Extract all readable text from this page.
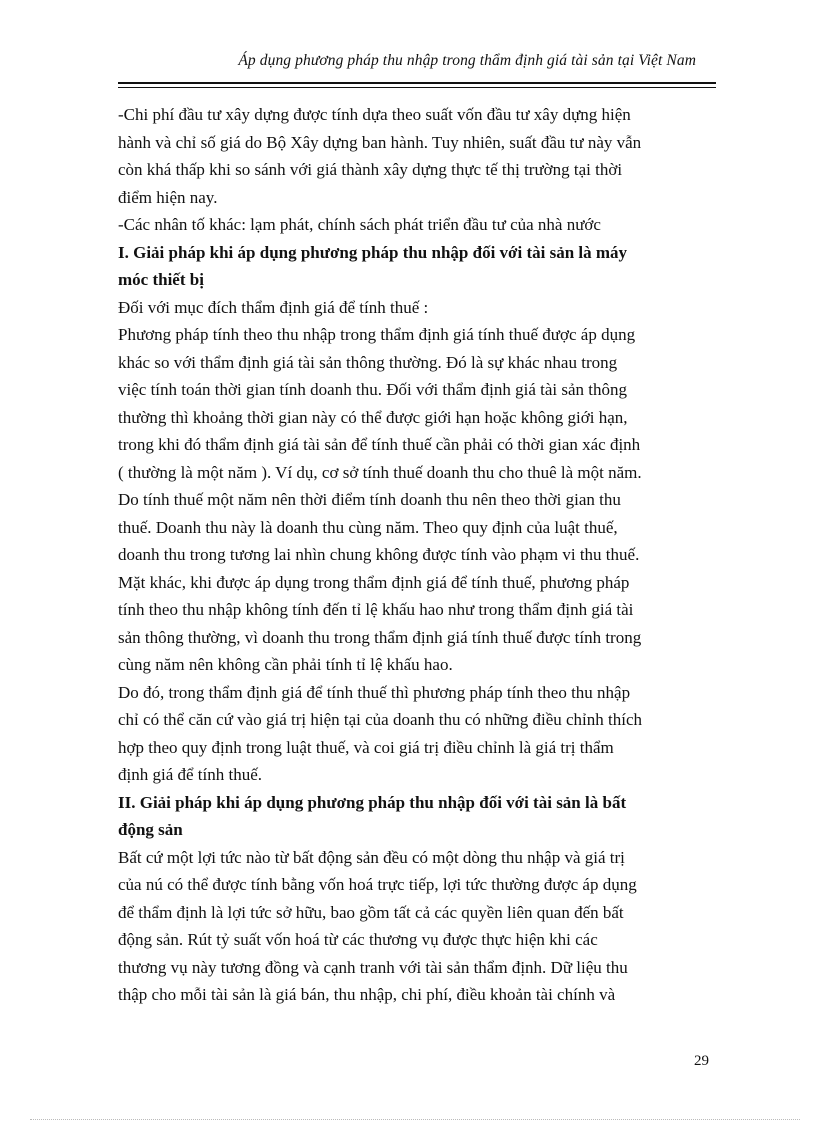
Áp dụng phương pháp thu nhập trong thẩm định giá tài sản tại Việt Nam
-Chi phí đầu tư xây dựng được tính dựa theo suất vốn đầu tư xây dựng hiện
hành và chỉ số giá do Bộ Xây dựng ban hành. Tuy nhiên, suất đầu tư này vẫn
còn khá thấp khi so sánh với giá thành xây dựng thực tế thị trường tại thời
điểm hiện nay.
-Các nhân tố khác: lạm phát, chính sách phát triển đầu tư của nhà nước
I. Giải pháp khi áp dụng phương pháp thu nhập đối với tài sản là máy
móc thiết bị
Đối với mục đích thẩm định giá để tính thuế :
Phương pháp tính theo thu nhập trong thẩm định giá tính thuế được áp dụng
khác so với thẩm định giá tài sản thông thường. Đó là sự khác nhau trong
việc tính toán thời gian tính doanh thu. Đối với thẩm định giá tài sản thông
thường thì khoảng thời gian này có thể được giới hạn hoặc không giới hạn,
trong khi đó thẩm định giá tài sản để tính thuế cần phải có thời gian xác định
( thường là một năm ). Ví dụ, cơ sở tính thuế doanh thu cho thuê là một năm.
Do tính thuế một năm nên thời điểm tính doanh thu nên theo thời gian thu
thuế. Doanh thu này là doanh thu cùng năm. Theo quy định của luật thuế,
doanh thu trong tương lai nhìn chung không được tính vào phạm vi thu thuế.
Mặt khác, khi được áp dụng trong thẩm định giá để tính thuế, phương pháp
tính theo thu nhập không tính đến tỉ lệ khấu hao như trong thẩm định giá tài
sản thông thường, vì doanh thu trong thẩm định giá tính thuế được tính trong
cùng năm nên không cần phải tính tỉ lệ khấu hao.
Do đó, trong thẩm định giá để tính thuế thì phương pháp tính theo thu nhập
chỉ có thể căn cứ vào giá trị hiện tại của doanh thu có những điều chỉnh thích
hợp theo quy định trong luật thuế, và coi giá trị điều chỉnh là giá trị thẩm
định giá để tính thuế.
II. Giải pháp khi áp dụng phương pháp thu nhập đối với tài sản là bất
động sản
Bất cứ một lợi tức nào từ bất động sản đều có một dòng thu nhập và giá trị
của nú có thể được tính bằng vốn hoá trực tiếp, lợi tức thường được áp dụng
để thẩm định là lợi tức sở hữu, bao gồm tất cả các quyền liên quan đến bất
động sản. Rút tỷ suất vốn hoá từ các thương vụ được thực hiện khi các
thương vụ này tương đồng và cạnh tranh với tài sản thẩm định. Dữ liệu thu
thập cho mỗi tài sản là giá bán, thu nhập, chi phí, điều khoản tài chính và
29
